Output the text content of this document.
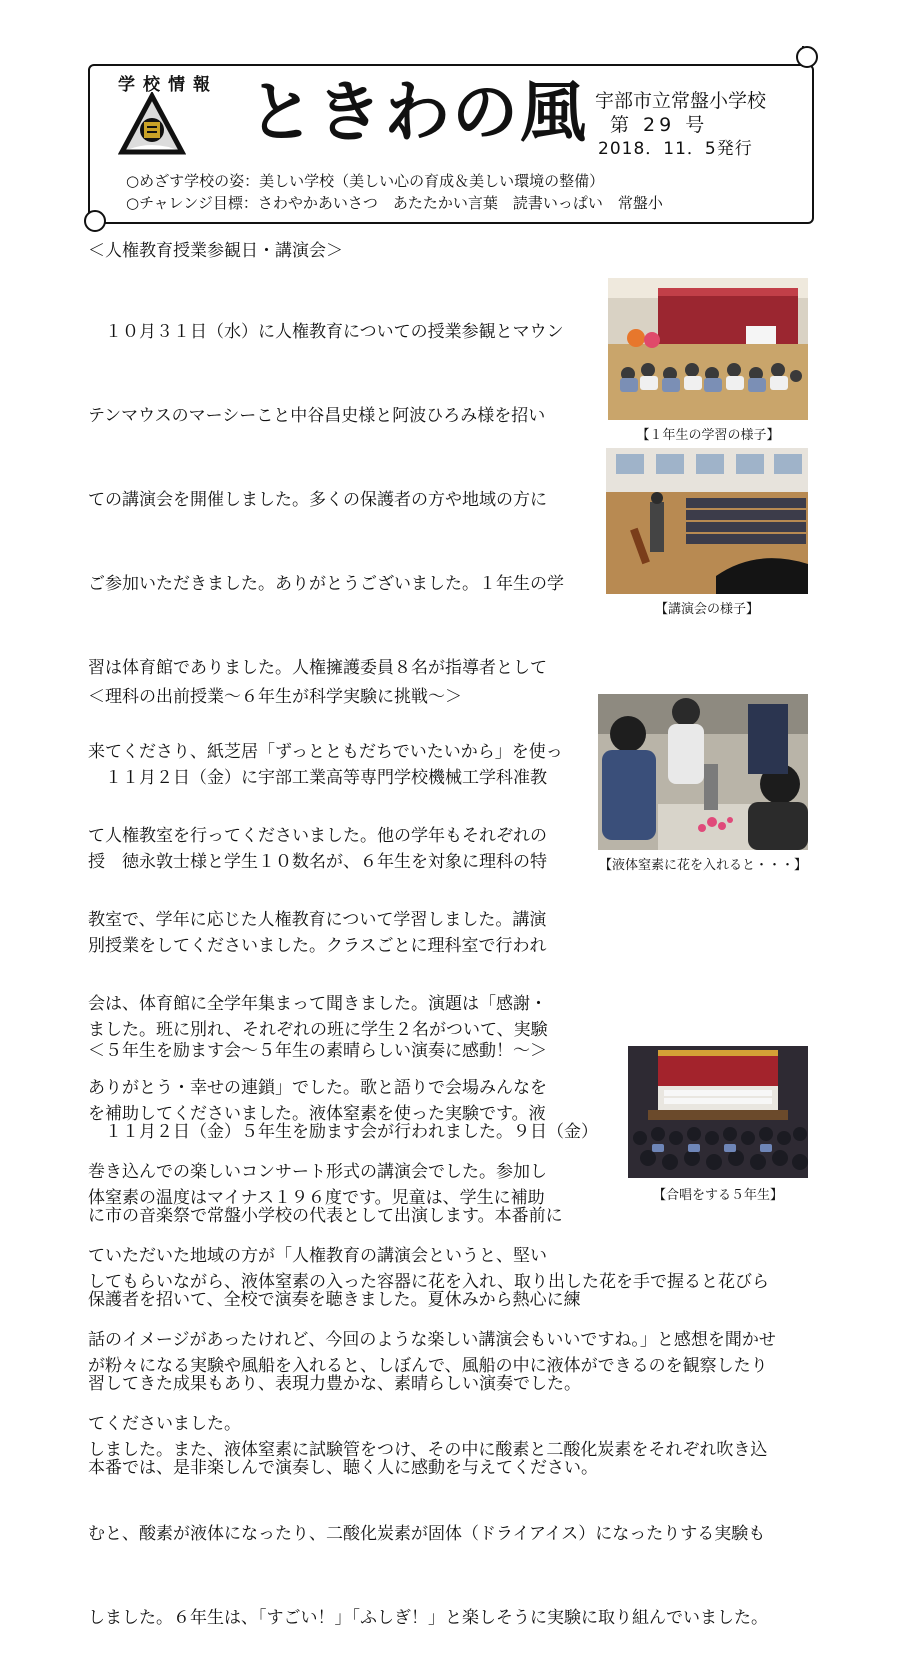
学校情報 ときわの風 宇部市立常盤小学校
第 29 号
2018．11．5発行
○めざす学校の姿：美しい学校（美しい心の育成＆美しい環境の整備）
○チャレンジ目標：さわやかあいさつ　あたたかい言葉　読書いっぱい　常盤小
＜人権教育授業参観日・講演会＞

　１０月３１日（水）に人権教育についての授業参観とマウン

テンマウスのマーシーこと中谷昌史様と阿波ひろみ様を招い

ての講演会を開催しました。多くの保護者の方や地域の方に

ご参加いただきました。ありがとうございました。１年生の学

習は体育館でありました。人権擁護委員８名が指導者として

来てくださり、紙芝居「ずっとともだちでいたいから」を使っ

て人権教室を行ってくださいました。他の学年もそれぞれの

教室で、学年に応じた人権教育について学習しました。講演

会は、体育館に全学年集まって聞きました。演題は「感謝・

ありがとう・幸せの連鎖」でした。歌と語りで会場みんなを

巻き込んでの楽しいコンサート形式の講演会でした。参加し

ていただいた地域の方が「人権教育の講演会というと、堅い

話のイメージがあったけれど、今回のような楽しい講演会もいいですね。」と感想を聞かせ

てくださいました。

【１年生の学習の様子】
【講演会の様子】
＜理科の出前授業～６年生が科学実験に挑戦～＞

　１１月２日（金）に宇部工業高等専門学校機械工学科准教

授　徳永敦士様と学生１０数名が、６年生を対象に理科の特

別授業をしてくださいました。クラスごとに理科室で行われ

ました。班に別れ、それぞれの班に学生２名がついて、実験

を補助してくださいました。液体窒素を使った実験です。液

体窒素の温度はマイナス１９６度です。児童は、学生に補助

してもらいながら、液体窒素の入った容器に花を入れ、取り出した花を手で握ると花びら

が粉々になる実験や風船を入れると、しぼんで、風船の中に液体ができるのを観察したり

しました。また、液体窒素に試験管をつけ、その中に酸素と二酸化炭素をそれぞれ吹き込

むと、酸素が液体になったり、二酸化炭素が固体（ドライアイス）になったりする実験も

しました。６年生は、「すごい！」「ふしぎ！」と楽しそうに実験に取り組んでいました。

【液体窒素に花を入れると・・・】
＜５年生を励ます会～５年生の素晴らしい演奏に感動！～＞

　１１月２日（金）５年生を励ます会が行われました。９日（金）

に市の音楽祭で常盤小学校の代表として出演します。本番前に

保護者を招いて、全校で演奏を聴きました。夏休みから熱心に練

習してきた成果もあり、表現力豊かな、素晴らしい演奏でした。

本番では、是非楽しんで演奏し、聴く人に感動を与えてください。

【合唱をする５年生】
